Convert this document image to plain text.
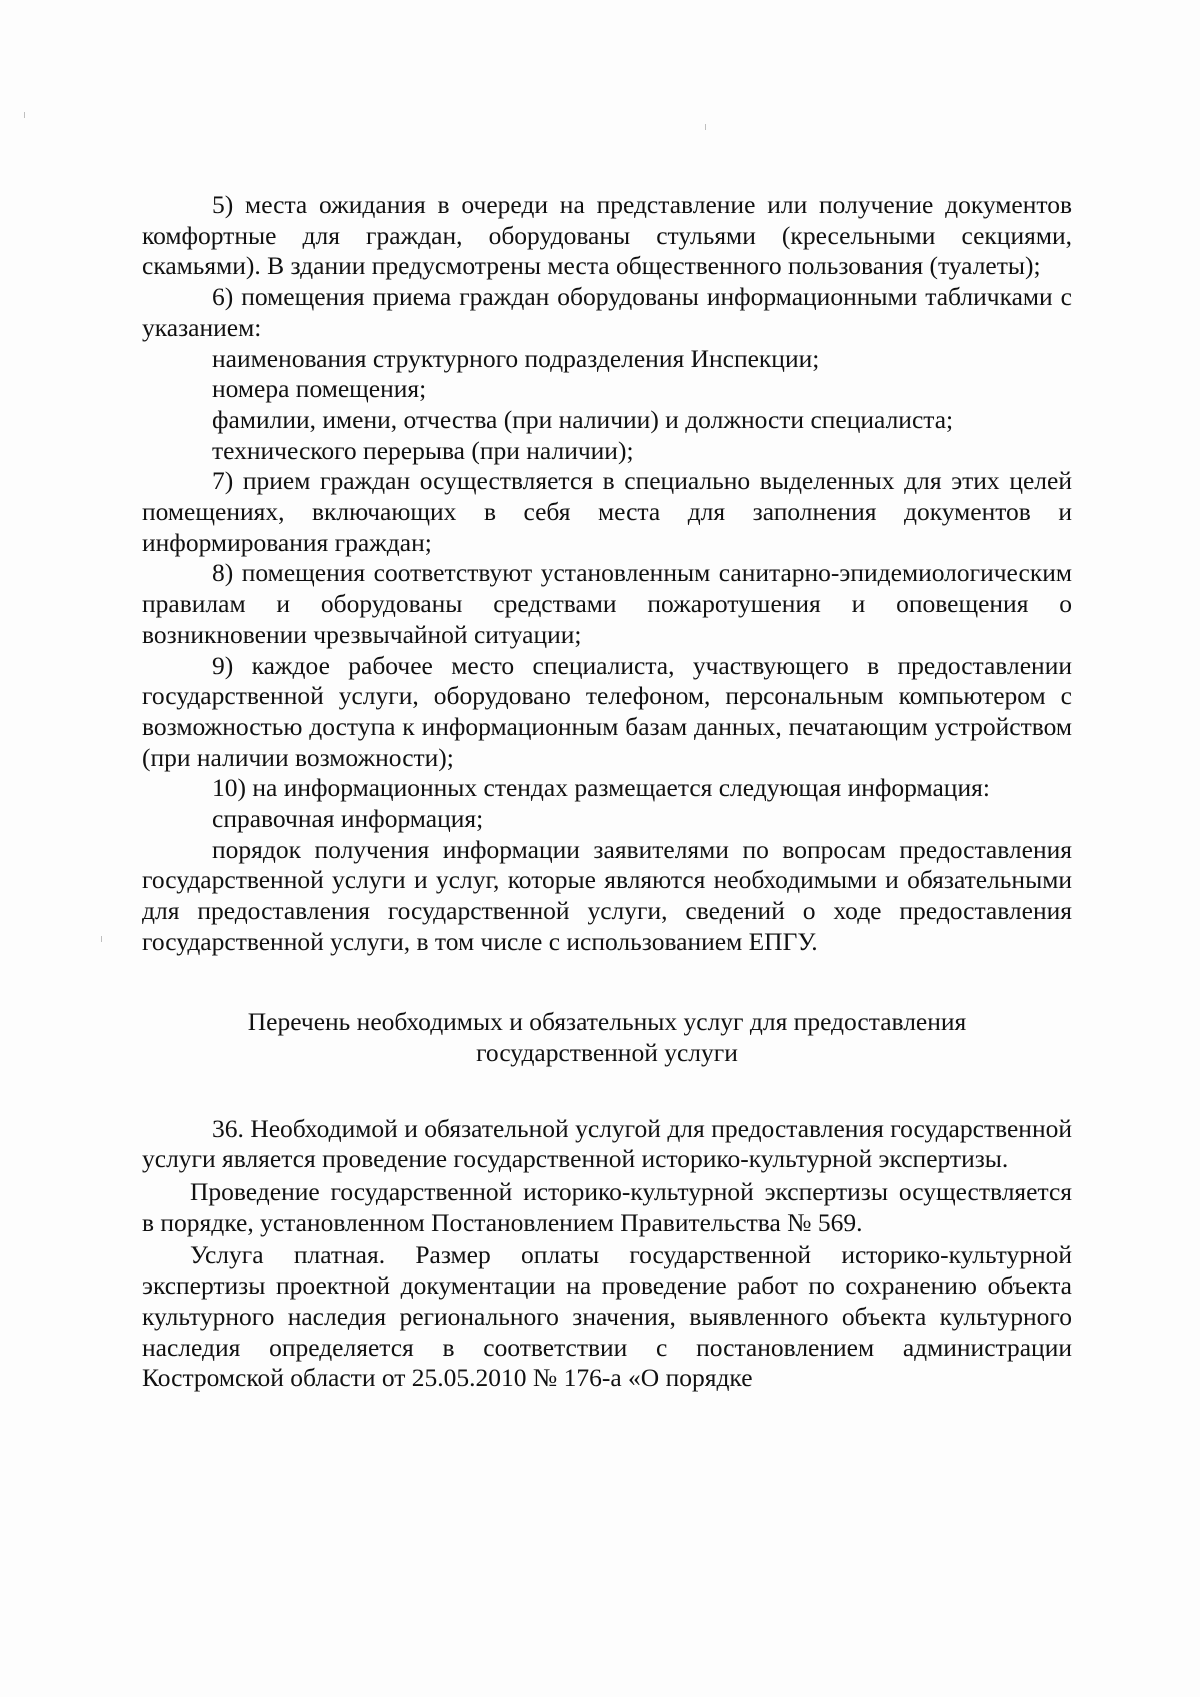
5) места ожидания в очереди на представление или получение документов комфортные для граждан, оборудованы стульями (кресельными секциями, скамьями). В здании предусмотрены места общественного пользования (туалеты);

6) помещения приема граждан оборудованы информационными табличками с указанием:

наименования структурного подразделения Инспекции;

номера помещения;

фамилии, имени, отчества (при наличии) и должности специалиста;

технического перерыва (при наличии);

7) прием граждан осуществляется в специально выделенных для этих целей помещениях, включающих в себя места для заполнения документов и информирования граждан;

8) помещения соответствуют установленным санитарно-эпидемиологическим правилам и оборудованы средствами пожаротушения и оповещения о возникновении чрезвычайной ситуации;

9) каждое рабочее место специалиста, участвующего в предоставлении государственной услуги, оборудовано телефоном, персональным компьютером с возможностью доступа к информационным базам данных, печатающим устройством (при наличии возможности);

10) на информационных стендах размещается следующая информация:

справочная информация;

порядок получения информации заявителями по вопросам предоставления государственной услуги и услуг, которые являются необходимыми и обязательными для предоставления государственной услуги, сведений о ходе предоставления государственной услуги, в том числе с использованием ЕПГУ.

Перечень необходимых и обязательных услуг для предоставления
государственной услуги

36. Необходимой и обязательной услугой для предоставления государственной услуги является проведение государственной историко-культурной экспертизы.

Проведение государственной историко-культурной экспертизы осуществляется в порядке, установленном Постановлением Правительства № 569.

Услуга платная. Размер оплаты государственной историко-культурной экспертизы проектной документации на проведение работ по сохранению объекта культурного наследия регионального значения, выявленного объекта культурного наследия определяется в соответствии с постановлением администрации Костромской области от 25.05.2010 № 176-а «О порядке
